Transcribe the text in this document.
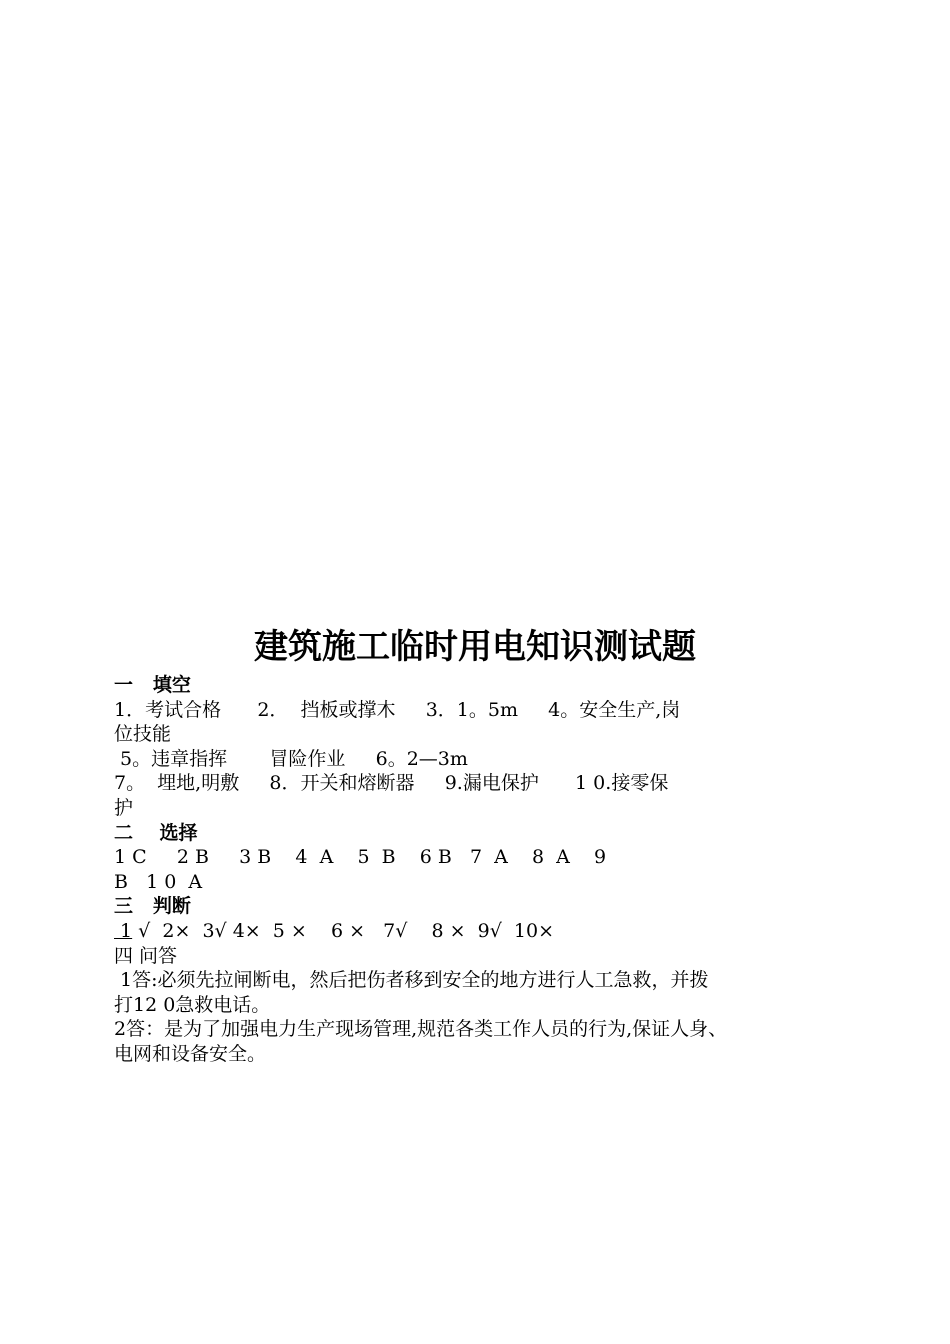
建筑施工临时用电知识测试题
一   填空
1．考试合格      2．  挡板或撑木     3．1。5m     4。安全生产,岗
位技能
5。违章指挥       冒险作业     6。2—3m
7。  埋地,明敷     8．开关和熔断器     9.漏电保护      1 0.接零保
护
二    选择
1 C     2 B     3 B    4  A    5  B    6 B   7  A    8  A    9
B   1 0  A
三   判断
1 √  2×  3√ 4×  5 ×    6 ×   7√    8 ×  9√  10×
四 问答
1答:必须先拉闸断电，然后把伤者移到安全的地方进行人工急救，并拨
打12 0急救电话。
2答：是为了加强电力生产现场管理,规范各类工作人员的行为,保证人身、
电网和设备安全。
